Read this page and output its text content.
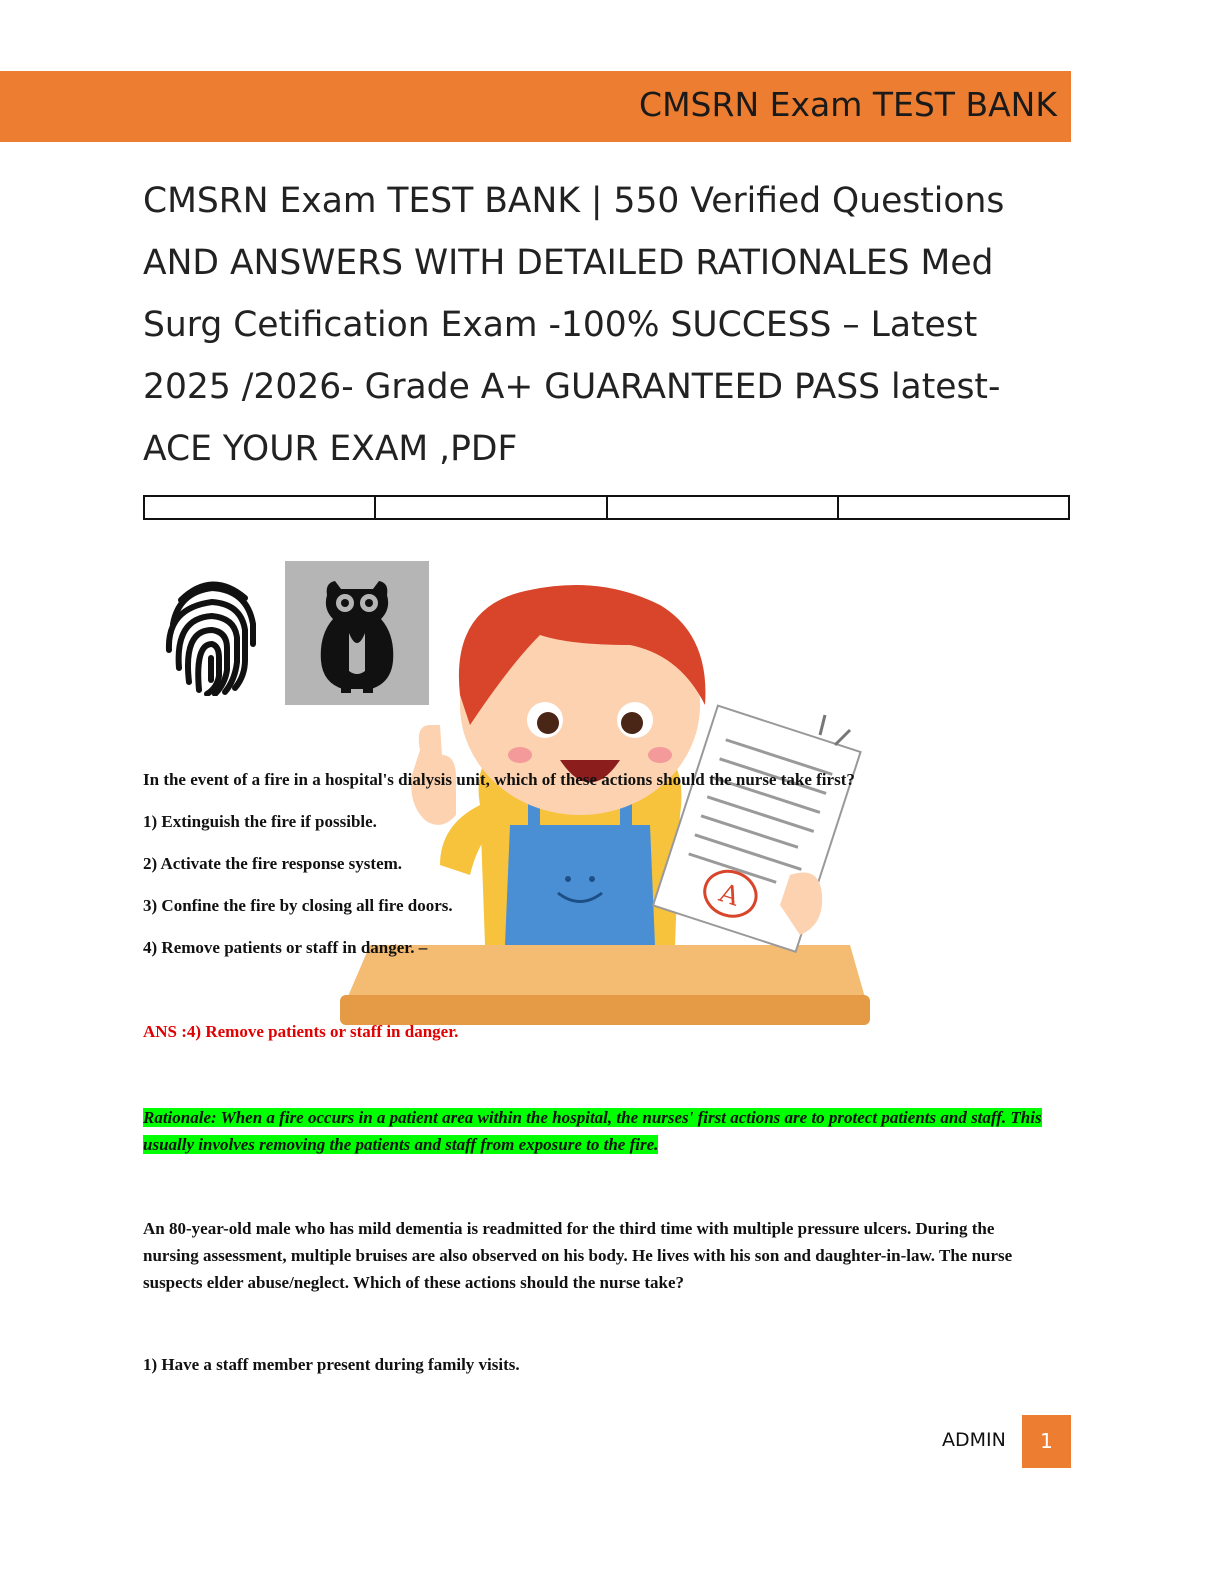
CMSRN Exam TEST BANK
CMSRN Exam TEST BANK | 550 Verified Questions AND ANSWERS WITH DETAILED RATIONALES Med Surg Cetification Exam -100% SUCCESS – Latest 2025 /2026- Grade A+ GUARANTEED PASS latest- ACE YOUR EXAM ,PDF

A
In the event of a fire in a hospital's dialysis unit, which of these actions should the nurse take first?
1) Extinguish the fire if possible.
2) Activate the fire response system.
3) Confine the fire by closing all fire doors.
4) Remove patients or staff in danger. –
ANS :4) Remove patients or staff in danger.
Rationale: When a fire occurs in a patient area within the hospital, the nurses' first actions are to protect patients and staff. This usually involves removing the patients and staff from exposure to the fire.
An 80-year-old male who has mild dementia is readmitted for the third time with multiple pressure ulcers. During the nursing assessment, multiple bruises are also observed on his body. He lives with his son and daughter-in-law. The nurse suspects elder abuse/neglect. Which of these actions should the nurse take?
1) Have a staff member present during family visits.
ADMIN	1
